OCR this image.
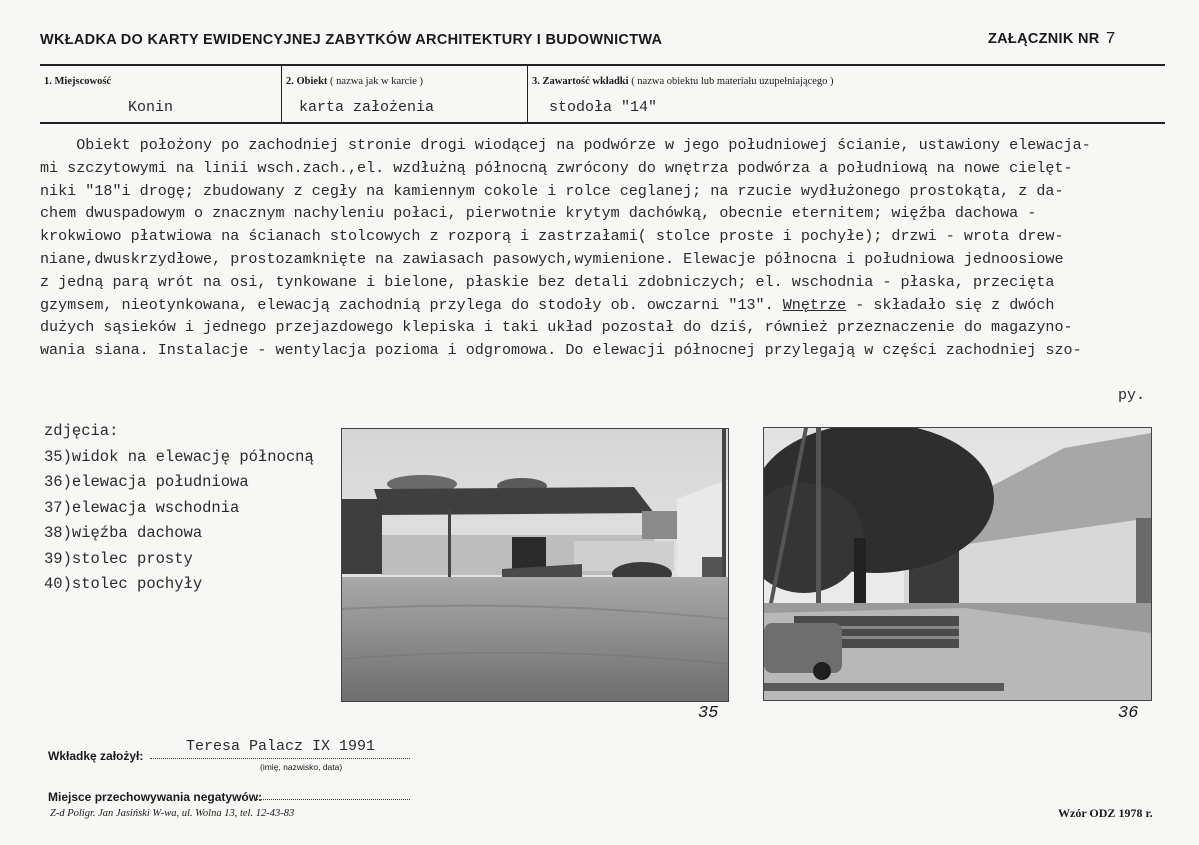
WKŁADKA DO KARTY EWIDENCYJNEJ ZABYTKÓW ARCHITEKTURY I BUDOWNICTWA	ZAŁĄCZNIK NR 7
1. Miejscowość
Konin
2. Obiekt ( nazwa jak w karcie )
karta założenia
3. Zawartość wkładki ( nazwa obiektu lub materiału uzupełniającego )
stodoła "14"
Obiekt położony po zachodniej stronie drogi wiodącej na podwórze w jego południowej ścianie, ustawiony elewacja-
mi szczytowymi na linii wsch.zach.,el. wzdłużną północną zwrócony do wnętrza podwórza a południową na nowe cielęt-
niki "18"i drogę; zbudowany z cegły na kamiennym cokole i rolce ceglanej; na rzucie wydłużonego prostokąta, z da-
chem dwuspadowym o znacznym nachyleniu połaci, pierwotnie krytym dachówką, obecnie eternitem; więźba dachowa -
krokwiowo płatwiowa na ścianach stolcowych z rozporą i zastrzałami( stolce proste i pochyłe); drzwi - wrota drew-
niane,dwuskrzydłowe, prostozamknięte na zawiasach pasowych,wymienione. Elewacje północna i południowa jednoosiowe
z jedną parą wrót na osi, tynkowane i bielone, płaskie bez detali zdobniczych; el. wschodnia - płaska, przecięta
gzymsem, nieotynkowana, elewacją zachodnią przylega do stodoły ob. owczarni "13". Wnętrze - składało się z dwóch
dużych sąsieków i jednego przejazdowego klepiska i taki układ pozostał do dziś, również przeznaczenie do magazyno-
wania siana. Instalacje - wentylacja pozioma i odgromowa. Do elewacji północnej przylegają w części zachodniej szo-
py.
zdjęcia:
35)widok na elewację północną
36)elewacja południowa
37)elewacja wschodnia
38)więźba dachowa
39)stolec prosty
40)stolec pochyły
35	36
Wkładkę założył:
Teresa Palacz IX 1991
(imię, nazwisko, data)
Miejsce przechowywania negatywów:
Z-d Poligr. Jan Jasiński W-wa, ul. Wolna 13, tel. 12-43-83	Wzór ODZ 1978 r.
